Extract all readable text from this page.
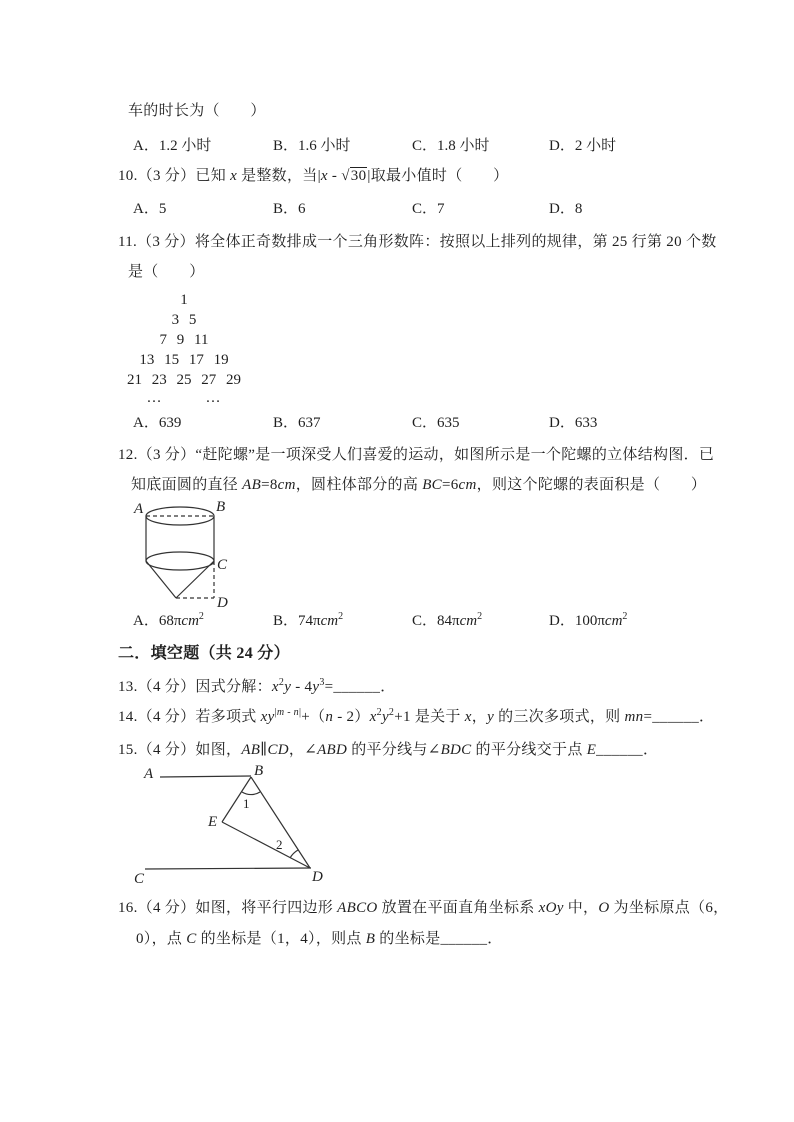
车的时长为（　　）
A．1.2 小时	B．1.6 小时	C．1.8 小时	D．2 小时
10.（3 分）已知 x 是整数，当|x - √30|取最小值时（　　）
A．5	B．6	C．7	D．8
11.（3 分）将全体正奇数排成一个三角形数阵：按照以上排列的规律，第 25 行第 20 个数
是（　　）
1
3 5
7 9 11
13 15 17 19
21 23 25 27 29
…    …
A．639	B．637	C．635	D．633
12.（3 分）“赶陀螺”是一项深受人们喜爱的运动，如图所示是一个陀螺的立体结构图．已
知底面圆的直径 AB=8cm，圆柱体部分的高 BC=6cm，则这个陀螺的表面积是（　　）
A	B
C
D
A．68πcm$^2$	B．74πcm$^2$	C．84πcm$^2$	D．100πcm$^2$
二．填空题（共 24 分）
13.（4 分）因式分解：$x^2y$ - $4y^3=\_\_\_\_\_\_$．
14.（4 分）若多项式 $xy^{|m - n|}+(n - 2)x^2y^2+1$ 是关于 x，y 的三次多项式，则 mn=______．
15.（4 分）如图，AB∥CD，∠ABD 的平分线与∠BDC 的平分线交于点 E______．
A	B
E
C	D
1
2
16.（4 分）如图，将平行四边形 ABCO 放置在平面直角坐标系 xOy 中，O 为坐标原点（6，
0），点 C 的坐标是（1，4），则点 B 的坐标是______．
